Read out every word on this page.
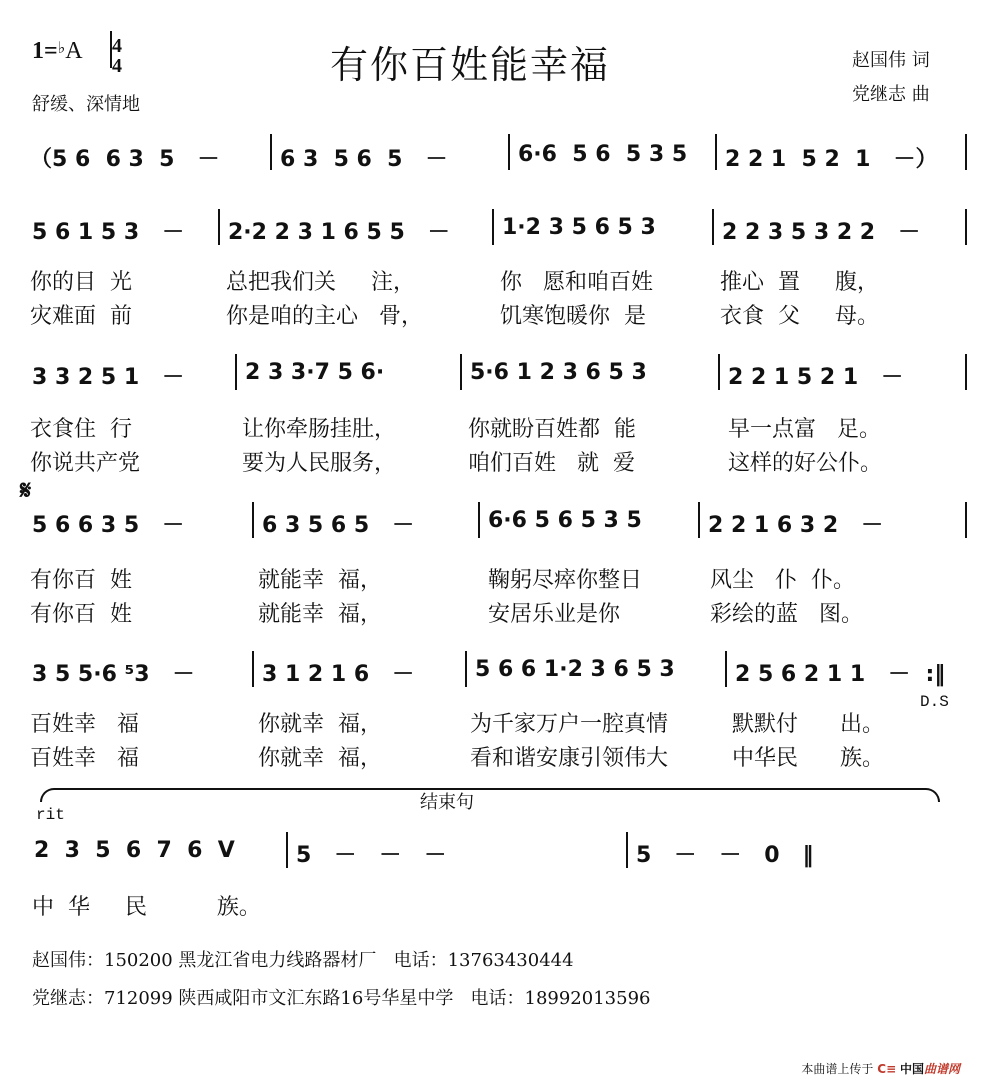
1=♭A 4
4
舒缓、深情地
有你百姓能幸福	赵国伟 词
党继志 曲
（5 6  6 3  5   －	6 3  5 6  5   －	6·6  5 6  5 3 5 2 2 1  5 2  1   －）
5 6 1 5 3   － 2·2 2 3 1 6 5 5   － 1·2 3 5 6 5 3	2 2 3 5 3 2 2   －
你的目  光	总把我们关     注，	你   愿和咱百姓	推心  置     腹，
灾难面  前	你是咱的主心   骨，	饥寒饱暖你  是	衣食  父     母。
3 3 2 5 1   －	2 3 3·7 5 6·	5·6 1 2 3 6 5 3	2 2 1 5 2 1   －
衣食住  行	让你牵肠挂肚，	你就盼百姓都  能	早一点富   足。
你说共产党	要为人民服务，	咱们百姓   就  爱	这样的好公仆。
𝄋
5 6 6 3 5   －	6 3 5 6 5   －	6·6 5 6 5 3 5	2 2 1 6 3 2   －
有你百  姓	就能幸  福，	鞠躬尽瘁你整日	风尘   仆  仆。
有你百  姓	就能幸  福，	安居乐业是你	彩绘的蓝   图。
3 5 5·6 ⁵3   －	3 1 2 1 6   －	5 6 6 1·2 3 6 5 3	2 5 6 2 1 1   －  :‖
D.S
百姓幸   福	你就幸  福，	为千家万户一腔真情	默默付      出。
百姓幸   福	你就幸  福，	看和谐安康引领伟大	中华民      族。
rit
结束句
2  3  5  6  7  6  V	5   －   －   －	5   －   －   0   ‖
中  华     民          族。
赵国伟：150200 黑龙江省电力线路器材厂   电话：13763430444
党继志：712099 陕西咸阳市文汇东路16号华星中学   电话：18992013596
本曲谱上传于 C≡ 中国曲谱网
